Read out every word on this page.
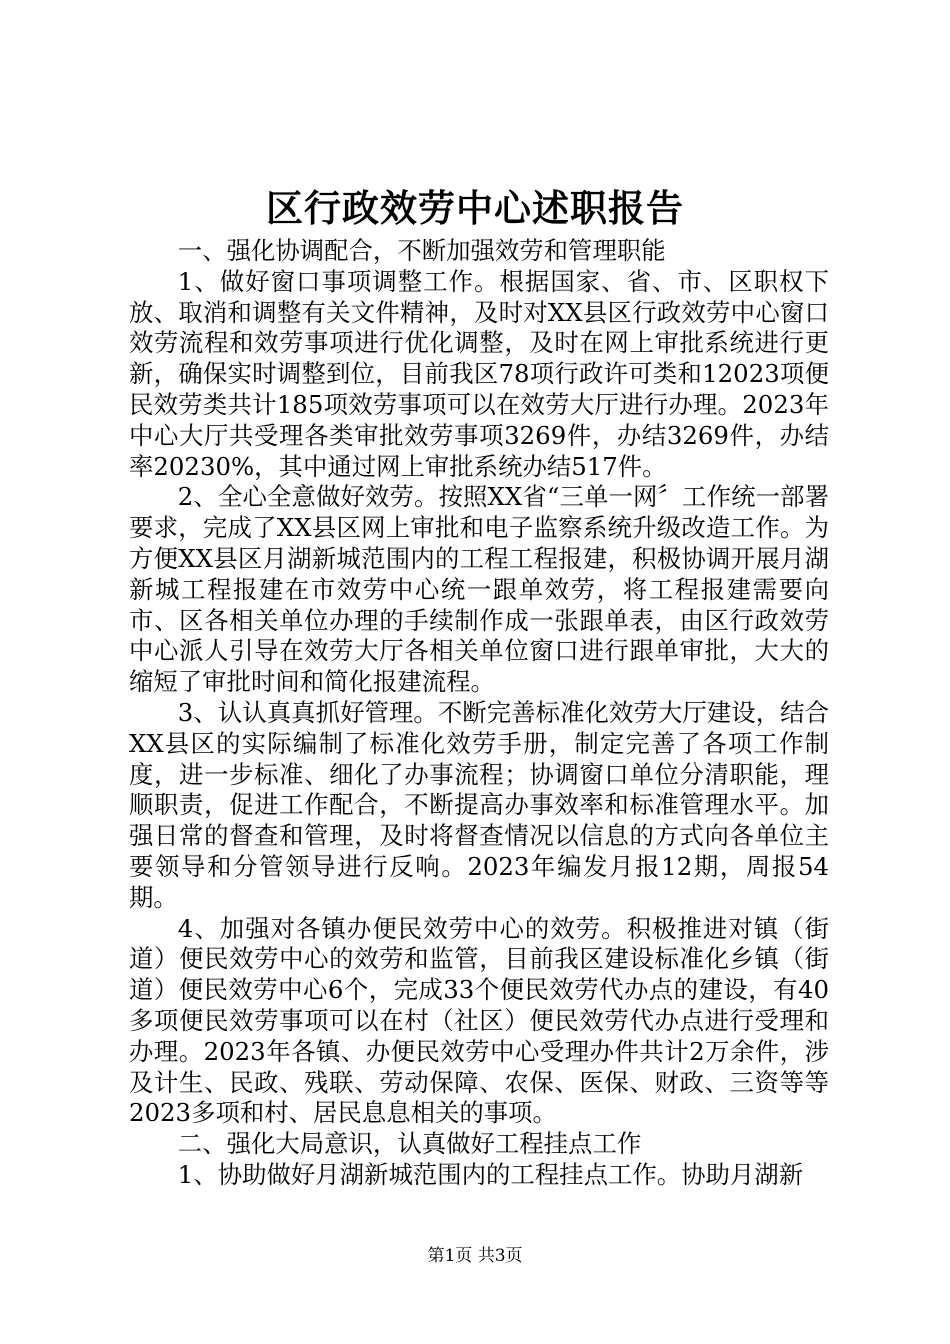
区行政效劳中心述职报告

一、强化协调配合，不断加强效劳和管理职能

1、做好窗口事项调整工作。根据国家、省、市、区职权下放、取消和调整有关文件精神，及时对XX县区行政效劳中心窗口效劳流程和效劳事项进行优化调整，及时在网上审批系统进行更新，确保实时调整到位，目前我区78项行政许可类和12023项便民效劳类共计185项效劳事项可以在效劳大厅进行办理。2023年中心大厅共受理各类审批效劳事项3269件，办结3269件，办结率20230%，其中通过网上审批系统办结517件。

2、全心全意做好效劳。按照XX省“三单一网〞工作统一部署要求，完成了XX县区网上审批和电子监察系统升级改造工作。为方便XX县区月湖新城范围内的工程工程报建，积极协调开展月湖新城工程报建在市效劳中心统一跟单效劳，将工程报建需要向市、区各相关单位办理的手续制作成一张跟单表，由区行政效劳中心派人引导在效劳大厅各相关单位窗口进行跟单审批，大大的缩短了审批时间和简化报建流程。

3、认认真真抓好管理。不断完善标准化效劳大厅建设，结合XX县区的实际编制了标准化效劳手册，制定完善了各项工作制度，进一步标准、细化了办事流程；协调窗口单位分清职能，理顺职责，促进工作配合，不断提高办事效率和标准管理水平。加强日常的督查和管理，及时将督查情况以信息的方式向各单位主要领导和分管领导进行反响。2023年编发月报12期，周报54期。

4、加强对各镇办便民效劳中心的效劳。积极推进对镇（街道）便民效劳中心的效劳和监管，目前我区建设标准化乡镇（街道）便民效劳中心6个，完成33个便民效劳代办点的建设，有40多项便民效劳事项可以在村（社区）便民效劳代办点进行受理和办理。2023年各镇、办便民效劳中心受理办件共计2万余件，涉及计生、民政、残联、劳动保障、农保、医保、财政、三资等等2023多项和村、居民息息相关的事项。

二、强化大局意识，认真做好工程挂点工作

1、协助做好月湖新城范围内的工程挂点工作。协助月湖新

第1页 共3页
